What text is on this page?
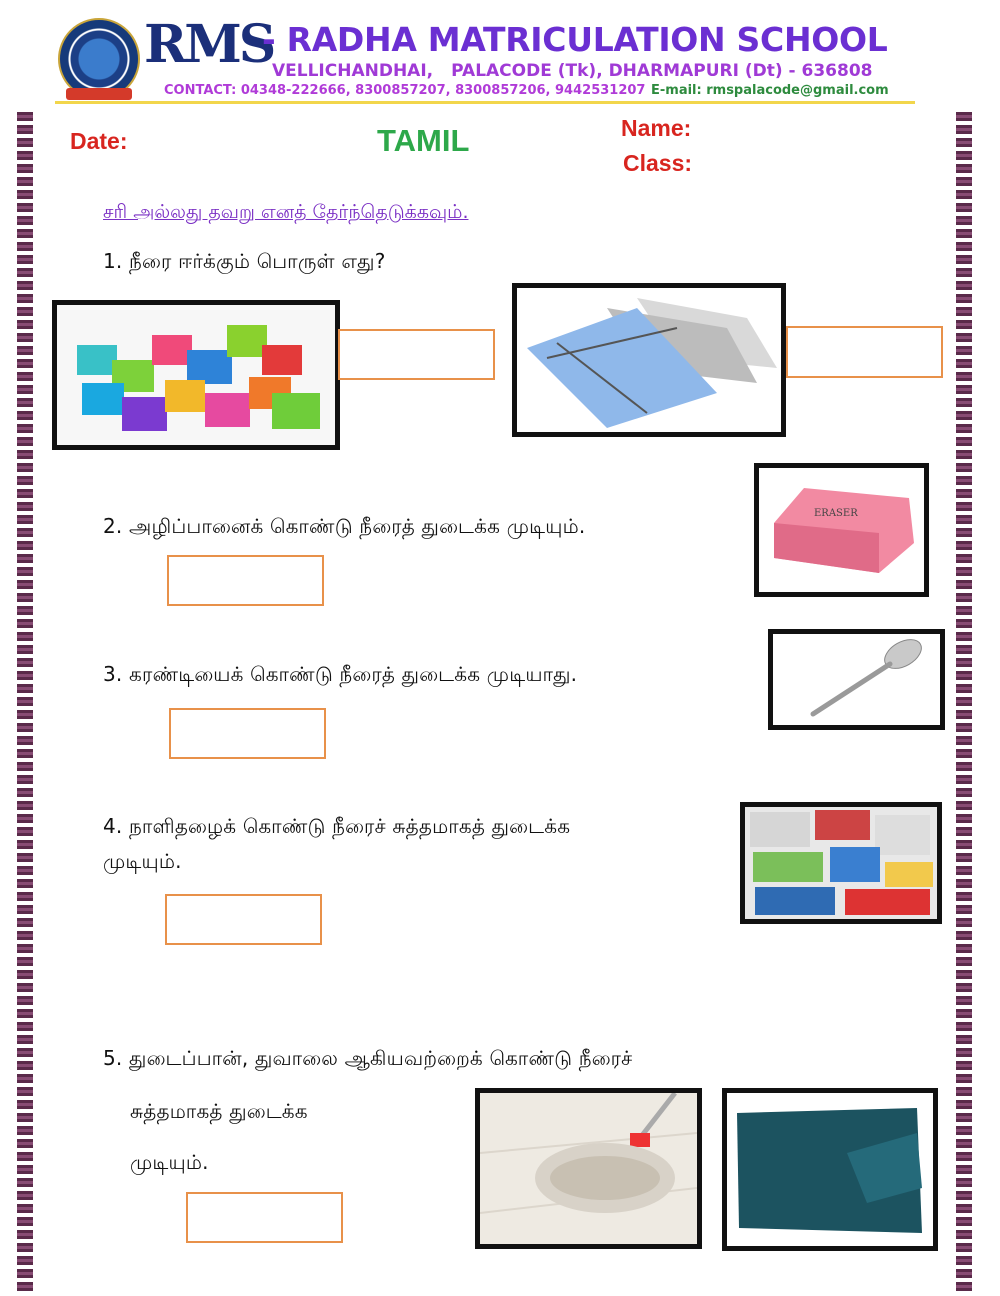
RMS
- RADHA MATRICULATION SCHOOL
VELLICHANDHAI, PALACODE (Tk), DHARMAPURI (Dt) - 636808
CONTACT: 04348-222666, 8300857207, 8300857206, 9442531207 E-mail: rmspalacode@gmail.com
Date:	TAMIL	Name:
Class:
சரி அல்லது தவறு எனத் தேர்ந்தெடுக்கவும்.
1. நீரை ஈர்க்கும் பொருள் எது?
2. அழிப்பானைக் கொண்டு நீரைத் துடைக்க முடியும்.
ERASER
3. கரண்டியைக் கொண்டு நீரைத் துடைக்க முடியாது.
4. நாளிதழைக் கொண்டு நீரைச் சுத்தமாகத் துடைக்க
முடியும்.
5. துடைப்பான், துவாலை ஆகியவற்றைக் கொண்டு நீரைச்
சுத்தமாகத் துடைக்க
முடியும்.
